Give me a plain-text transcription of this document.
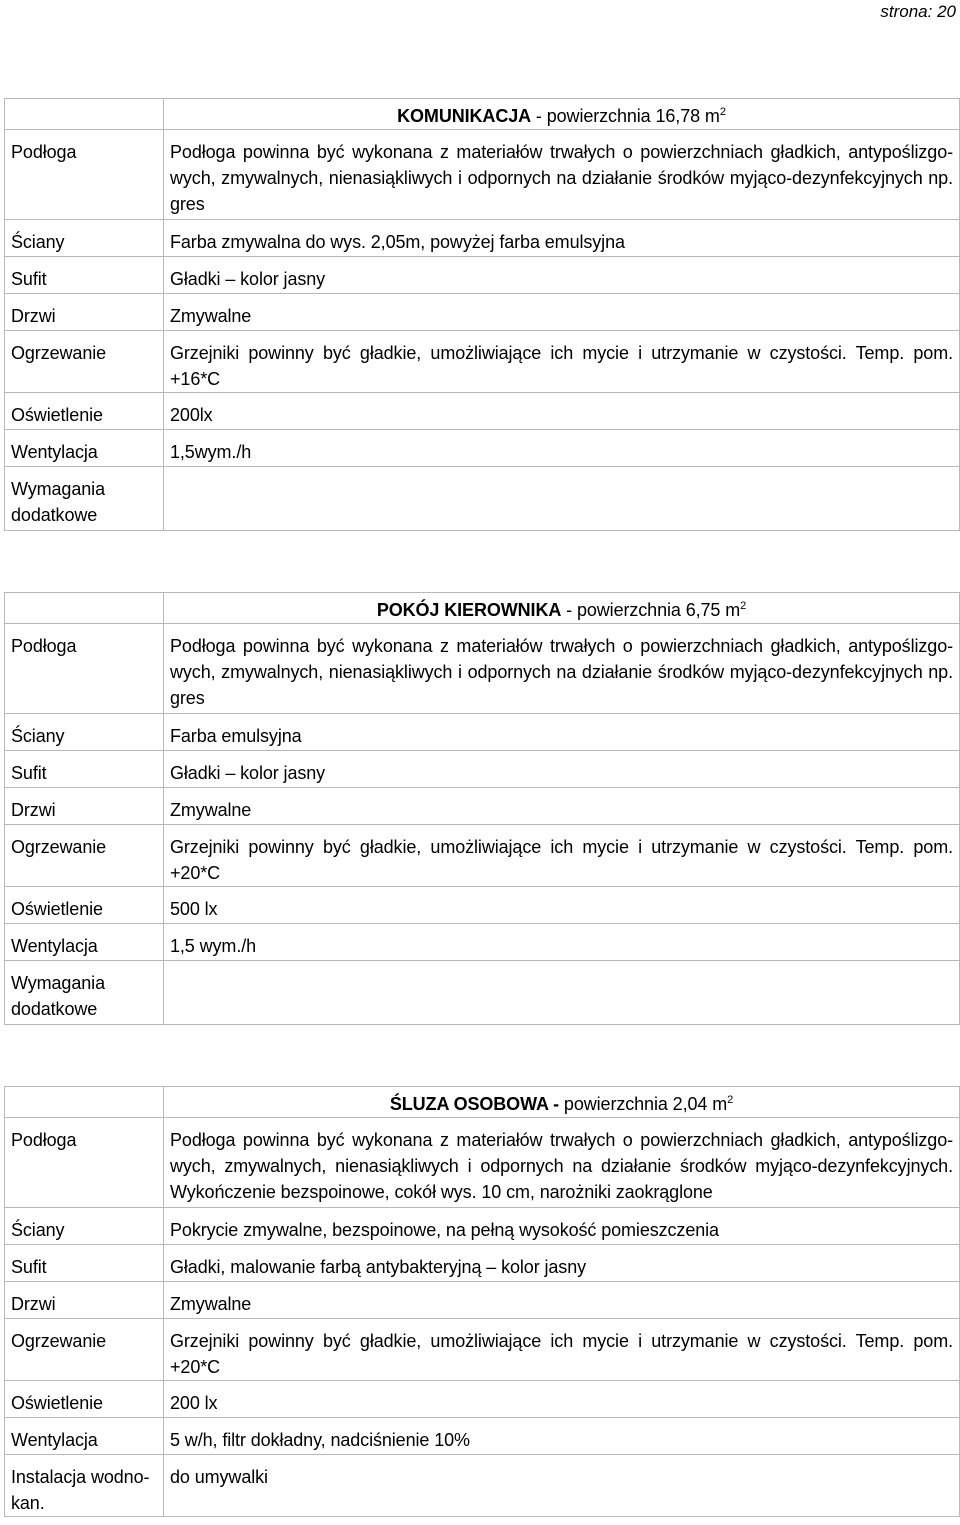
strona: 20
	KOMUNIKACJA - powierzchnia 16,78 $m^2$
Podłoga	Podłoga powinna być wykonana z materiałów trwałych o powierzchniach gładkich, antypoślizgo-wych, zmywalnych, nienasiąkliwych i odpornych na działanie środków myjąco-dezynfekcyjnych np. gres
Ściany	Farba zmywalna do wys. 2,05m, powyżej farba emulsyjna
Sufit	Gładki – kolor jasny
Drzwi	Zmywalne
Ogrzewanie	Grzejniki powinny być gładkie, umożliwiające ich mycie i utrzymanie w czystości. Temp. pom. +16*C
Oświetlenie	200lx
Wentylacja	1,5wym./h
Wymagania dodatkowe	
	POKÓJ KIEROWNIKA - powierzchnia 6,75 $m^2$
Podłoga	Podłoga powinna być wykonana z materiałów trwałych o powierzchniach gładkich, antypoślizgo-wych, zmywalnych, nienasiąkliwych i odpornych na działanie środków myjąco-dezynfekcyjnych np. gres
Ściany	Farba emulsyjna
Sufit	Gładki – kolor jasny
Drzwi	Zmywalne
Ogrzewanie	Grzejniki powinny być gładkie, umożliwiające ich mycie i utrzymanie w czystości. Temp. pom. +20*C
Oświetlenie	500 lx
Wentylacja	1,5 wym./h
Wymagania dodatkowe	
	ŚLUZA OSOBOWA - powierzchnia 2,04 $m^2$
Podłoga	Podłoga powinna być wykonana z materiałów trwałych o powierzchniach gładkich, antypoślizgo-wych, zmywalnych, nienasiąkliwych i odpornych na działanie środków myjąco-dezynfekcyjnych. Wykończenie bezspoinowe, cokół wys. 10 cm, narożniki zaokrąglone
Ściany	Pokrycie zmywalne, bezspoinowe, na pełną wysokość pomieszczenia
Sufit	Gładki, malowanie farbą antybakteryjną – kolor jasny
Drzwi	Zmywalne
Ogrzewanie	Grzejniki powinny być gładkie, umożliwiające ich mycie i utrzymanie w czystości. Temp. pom. +20*C
Oświetlenie	200 lx
Wentylacja	5 w/h, filtr dokładny, nadciśnienie 10%
Instalacja wodno-kan.	do umywalki
